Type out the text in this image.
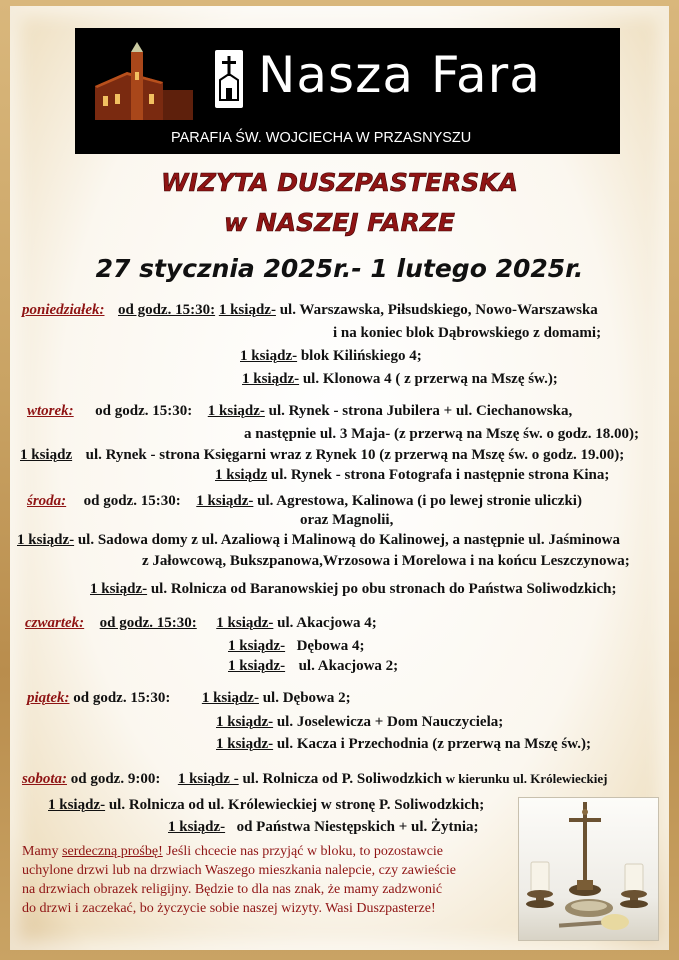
Nasza Fara
PARAFIA ŚW. WOJCIECHA W PRZASNYSZU
WIZYTA DUSZPASTERSKA
w NASZEJ FARZE
27 stycznia 2025r.- 1 lutego 2025r.
poniedziałek: od godz. 15:30: 1 ksiądz- ul. Warszawska, Piłsudskiego, Nowo-Warszawska
i na koniec blok Dąbrowskiego z domami;
1 ksiądz- blok Kilińskiego 4;
1 ksiądz- ul. Klonowa 4 ( z przerwą na Mszę św.);
wtorek: od godz. 15:30: 1 ksiądz- ul. Rynek - strona Jubilera + ul. Ciechanowska,
a następnie ul. 3 Maja- (z przerwą na Mszę św. o godz. 18.00);
1 ksiądz ul. Rynek - strona Księgarni wraz z Rynek 10 (z przerwą na Mszę św. o godz. 19.00);
1 ksiądz ul. Rynek - strona Fotografa i następnie strona Kina;
środa: od godz. 15:30: 1 ksiądz- ul. Agrestowa, Kalinowa (i po lewej stronie uliczki)
oraz Magnolii,
1 ksiądz- ul. Sadowa domy z ul. Azaliową i Malinową do Kalinowej, a następnie ul. Jaśminowa
z Jałowcową, Bukszpanowa,Wrzosowa i Morelowa i na końcu Leszczynowa;
1 ksiądz- ul. Rolnicza od Baranowskiej po obu stronach do Państwa Soliwodzkich;
czwartek: od godz. 15:30: 1 ksiądz- ul. Akacjowa 4;
1 ksiądz- Dębowa 4;
1 ksiądz- ul. Akacjowa 2;
piątek: od godz. 15:30: 1 ksiądz- ul. Dębowa 2;
1 ksiądz- ul. Joselewicza + Dom Nauczyciela;
1 ksiądz- ul. Kacza i Przechodnia (z przerwą na Mszę św.);
sobota: od godz. 9:00: 1 ksiądz - ul. Rolnicza od P. Soliwodzkich w kierunku ul. Królewieckiej
1 ksiądz- ul. Rolnicza od ul. Królewieckiej w stronę P. Soliwodzkich;
1 ksiądz- od Państwa Niestępskich + ul. Żytnia;
Mamy serdeczną prośbę! Jeśli chcecie nas przyjąć w bloku, to pozostawcie
uchylone drzwi lub na drzwiach Waszego mieszkania nalepcie, czy zawieście
na drzwiach obrazek religijny. Będzie to dla nas znak, że mamy zadzwonić
do drzwi i zaczekać, bo życzycie sobie naszej wizyty. Wasi Duszpasterze!
